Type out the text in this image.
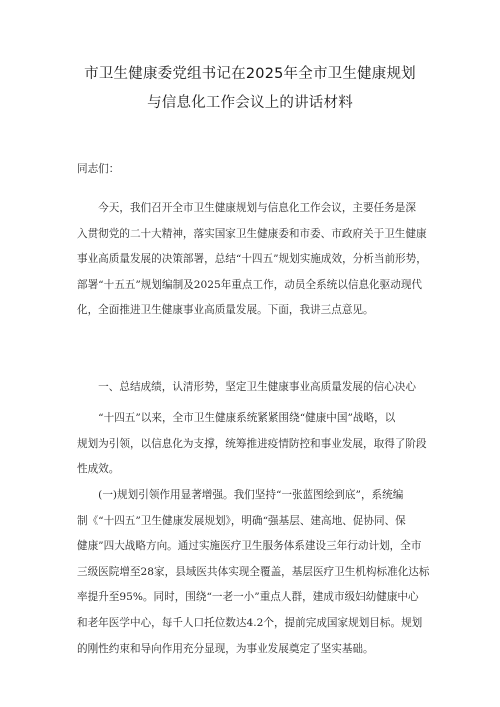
市卫生健康委党组书记在2025年全市卫生健康规划
与信息化工作会议上的讲话材料
同志们：
　　今天，我们召开全市卫生健康规划与信息化工作会议，主要任务是深
入贯彻党的二十大精神，落实国家卫生健康委和市委、市政府关于卫生健康
事业高质量发展的决策部署，总结“十四五”规划实施成效，分析当前形势，
部署“十五五”规划编制及2025年重点工作，动员全系统以信息化驱动现代
化，全面推进卫生健康事业高质量发展。下面，我讲三点意见。
　　一、总结成绩，认清形势，坚定卫生健康事业高质量发展的信心决心
　　“十四五”以来，全市卫生健康系统紧紧围绕“健康中国”战略，以
规划为引领，以信息化为支撑，统筹推进疫情防控和事业发展，取得了阶段
性成效。
　　(一)规划引领作用显著增强。我们坚持“一张蓝图绘到底”，系统编
制《“十四五”卫生健康发展规划》，明确“强基层、建高地、促协同、保
健康”四大战略方向。通过实施医疗卫生服务体系建设三年行动计划，全市
三级医院增至28家，县域医共体实现全覆盖，基层医疗卫生机构标准化达标
率提升至95%。同时，围绕“一老一小”重点人群，建成市级妇幼健康中心
和老年医学中心，每千人口托位数达4.2个，提前完成国家规划目标。规划
的刚性约束和导向作用充分显现，为事业发展奠定了坚实基础。
